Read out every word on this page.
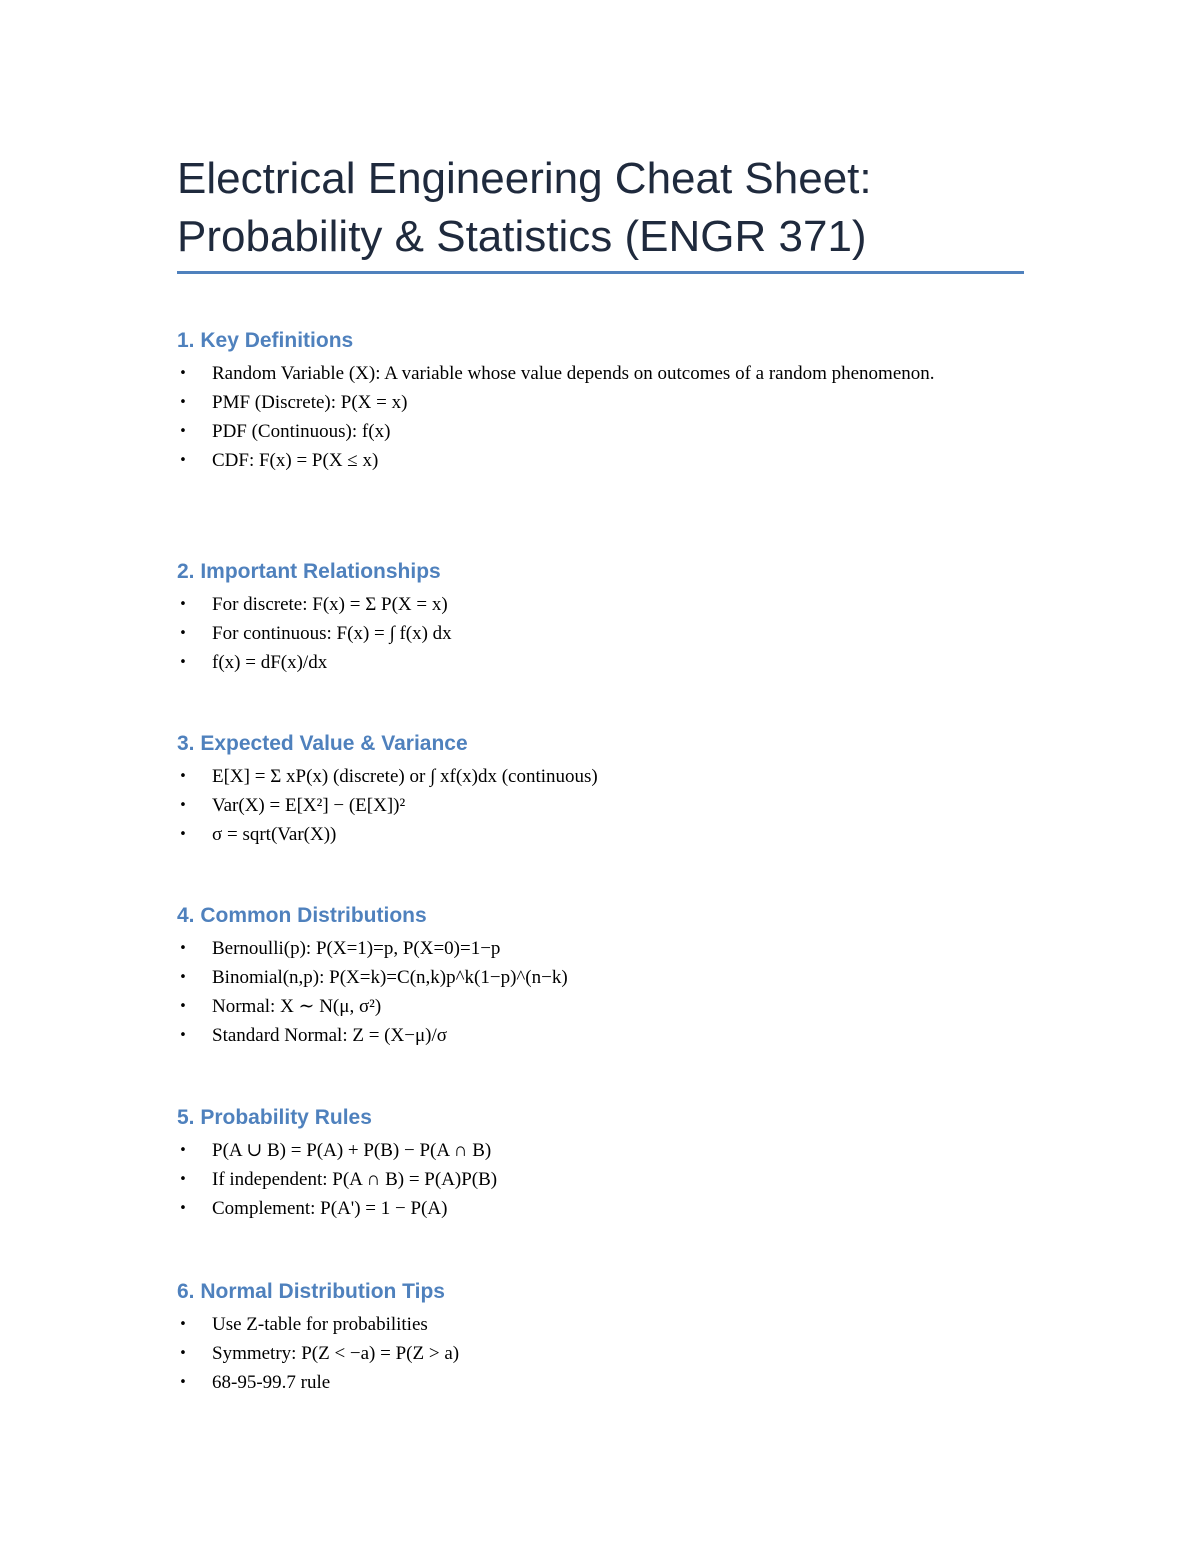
Electrical Engineering Cheat Sheet:
Probability & Statistics (ENGR 371)
1. Key Definitions
• Random Variable (X): A variable whose value depends on outcomes of a random phenomenon.
• PMF (Discrete): P(X = x)
• PDF (Continuous): f(x)
• CDF: F(x) = P(X ≤ x)
2. Important Relationships
• For discrete: F(x) = Σ P(X = x)
• For continuous: F(x) = ∫ f(x) dx
• f(x) = dF(x)/dx
3. Expected Value & Variance
• E[X] = Σ xP(x) (discrete) or ∫ xf(x)dx (continuous)
• Var(X) = E[X²] − (E[X])²
• σ = sqrt(Var(X))
4. Common Distributions
• Bernoulli(p): P(X=1)=p, P(X=0)=1−p
• Binomial(n,p): P(X=k)=C(n,k)p^k(1−p)^(n−k)
• Normal: X ∼ N(μ, σ²)
• Standard Normal: Z = (X−μ)/σ
5. Probability Rules
• P(A ∪ B) = P(A) + P(B) − P(A ∩ B)
• If independent: P(A ∩ B) = P(A)P(B)
• Complement: P(A') = 1 − P(A)
6. Normal Distribution Tips
• Use Z-table for probabilities
• Symmetry: P(Z < −a) = P(Z > a)
• 68-95-99.7 rule
